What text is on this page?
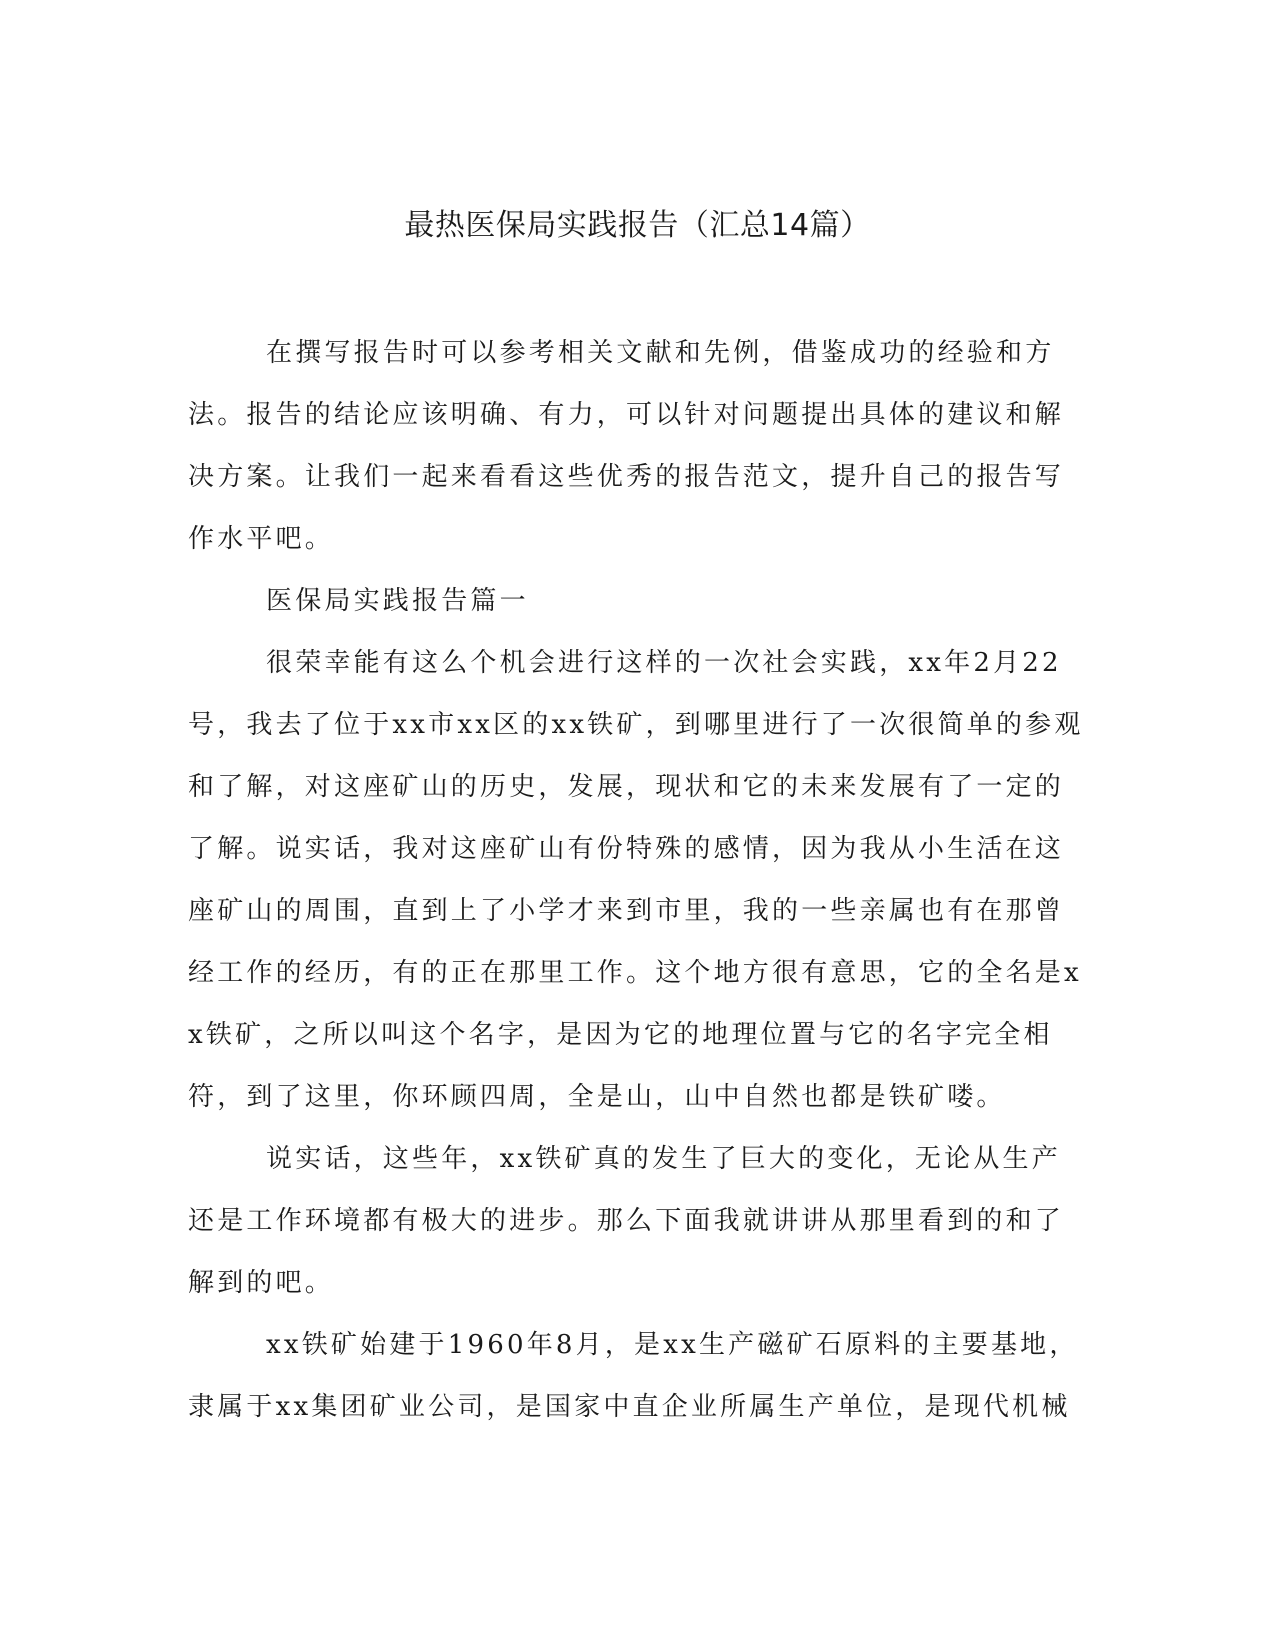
最热医保局实践报告（汇总14篇）

在撰写报告时可以参考相关文献和先例，借鉴成功的经验和方法。报告的结论应该明确、有力，可以针对问题提出具体的建议和解决方案。让我们一起来看看这些优秀的报告范文，提升自己的报告写作水平吧。

医保局实践报告篇一

很荣幸能有这么个机会进行这样的一次社会实践，xx年2月22号，我去了位于xx市xx区的xx铁矿，到哪里进行了一次很简单的参观和了解，对这座矿山的历史，发展，现状和它的未来发展有了一定的了解。说实话，我对这座矿山有份特殊的感情，因为我从小生活在这座矿山的周围，直到上了小学才来到市里，我的一些亲属也有在那曾经工作的经历，有的正在那里工作。这个地方很有意思，它的全名是xx铁矿，之所以叫这个名字，是因为它的地理位置与它的名字完全相符，到了这里，你环顾四周，全是山，山中自然也都是铁矿喽。

说实话，这些年，xx铁矿真的发生了巨大的变化，无论从生产还是工作环境都有极大的进步。那么下面我就讲讲从那里看到的和了解到的吧。

xx铁矿始建于1960年8月，是xx生产磁矿石原料的主要基地，隶属于xx集团矿业公司，是国家中直企业所属生产单位，是现代机械
